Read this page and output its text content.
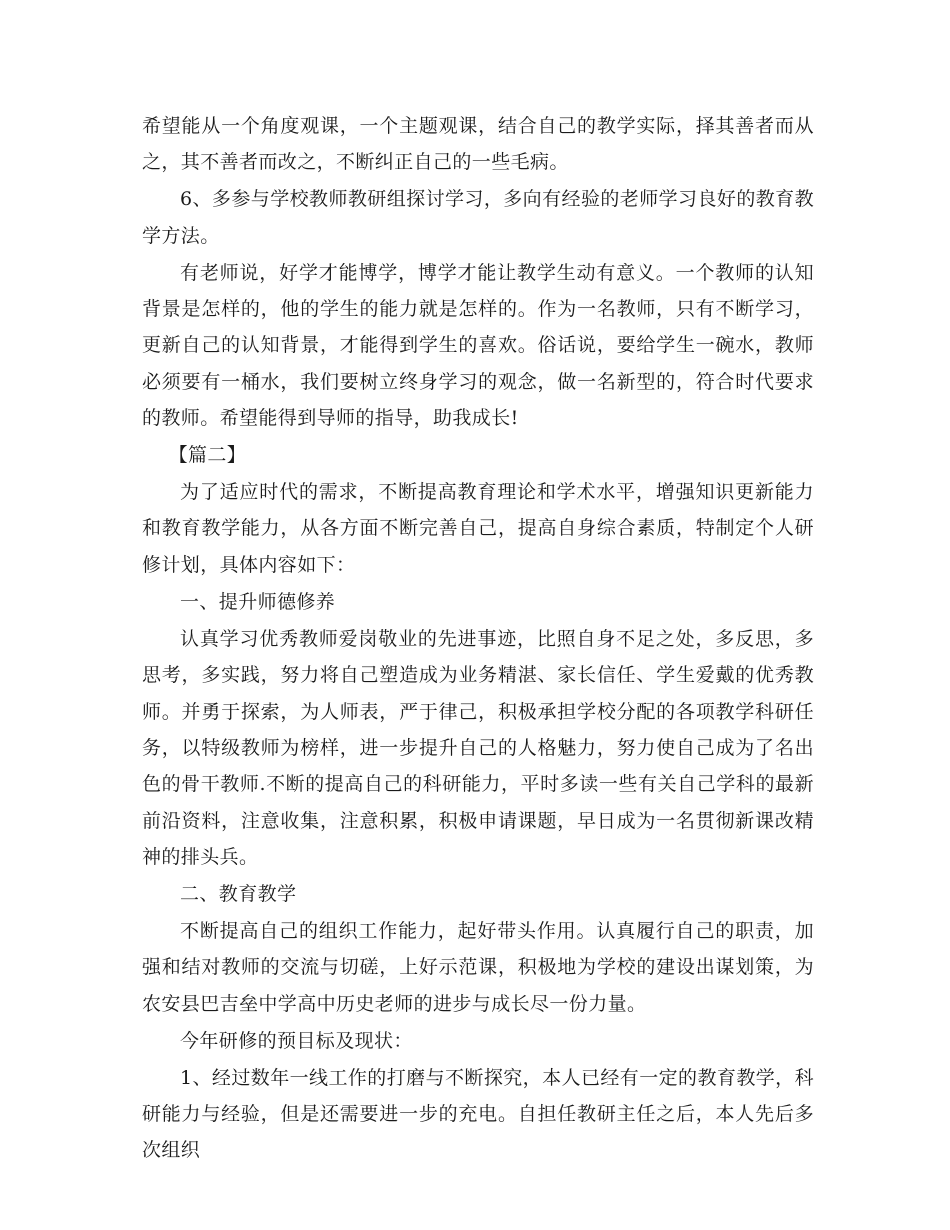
希望能从一个角度观课，一个主题观课，结合自己的教学实际，择其善者而从之，其不善者而改之，不断纠正自己的一些毛病。

6、多参与学校教师教研组探讨学习，多向有经验的老师学习良好的教育教学方法。

有老师说，好学才能博学，博学才能让教学生动有意义。一个教师的认知背景是怎样的，他的学生的能力就是怎样的。作为一名教师，只有不断学习，更新自己的认知背景，才能得到学生的喜欢。俗话说，要给学生一碗水，教师必须要有一桶水，我们要树立终身学习的观念，做一名新型的，符合时代要求的教师。希望能得到导师的指导，助我成长!

【篇二】

为了适应时代的需求，不断提高教育理论和学术水平，增强知识更新能力和教育教学能力，从各方面不断完善自己，提高自身综合素质，特制定个人研修计划，具体内容如下：

一、提升师德修养

认真学习优秀教师爱岗敬业的先进事迹，比照自身不足之处，多反思，多思考，多实践，努力将自己塑造成为业务精湛、家长信任、学生爱戴的优秀教师。并勇于探索，为人师表，严于律己，积极承担学校分配的各项教学科研任务，以特级教师为榜样，进一步提升自己的人格魅力，努力使自己成为了名出色的骨干教师.不断的提高自己的科研能力，平时多读一些有关自己学科的最新前沿资料，注意收集，注意积累，积极申请课题，早日成为一名贯彻新课改精神的排头兵。

二、教育教学

不断提高自己的组织工作能力，起好带头作用。认真履行自己的职责，加强和结对教师的交流与切磋，上好示范课，积极地为学校的建设出谋划策，为农安县巴吉垒中学高中历史老师的进步与成长尽一份力量。

今年研修的预目标及现状：

1、经过数年一线工作的打磨与不断探究，本人已经有一定的教育教学，科研能力与经验，但是还需要进一步的充电。自担任教研主任之后，本人先后多次组织
